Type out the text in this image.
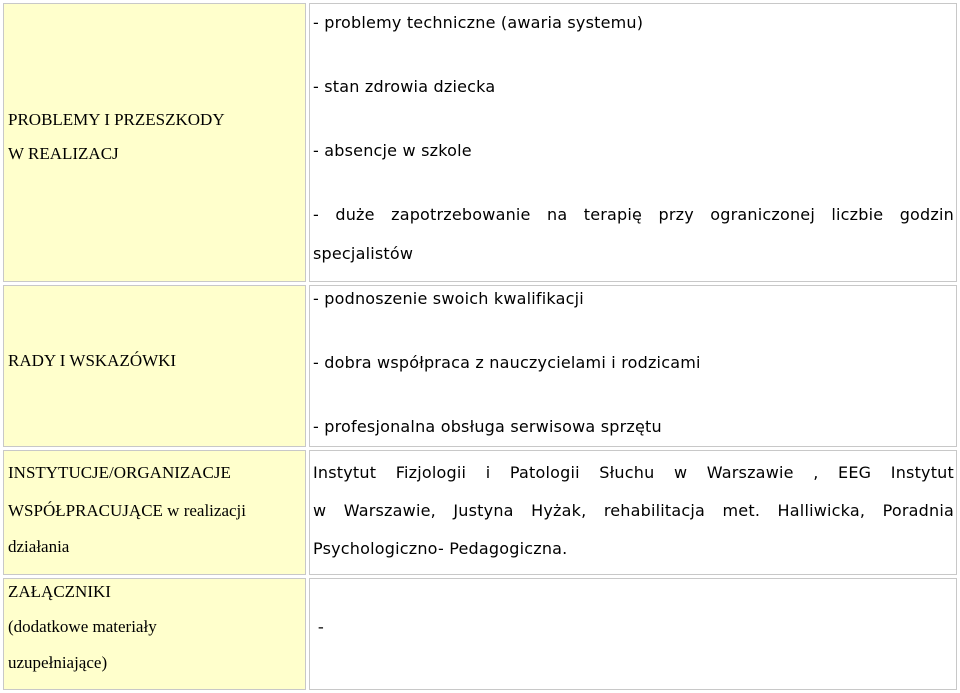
PROBLEMY I PRZESZKODY
W REALIZACJ
- problemy techniczne (awaria systemu)
- stan zdrowia dziecka
- absencje w szkole
- duże zapotrzebowanie na terapię przy ograniczonej liczbie godzin
specjalistów
RADY I WSKAZÓWKI
- podnoszenie swoich kwalifikacji
- dobra współpraca z nauczycielami i rodzicami
- profesjonalna obsługa serwisowa sprzętu
INSTYTUCJE/ORGANIZACJE
WSPÓŁPRACUJĄCE w realizacji
działania
Instytut Fizjologii i Patologii Słuchu w Warszawie , EEG Instytut
w Warszawie, Justyna Hyżak, rehabilitacja met. Halliwicka, Poradnia
Psychologiczno- Pedagogiczna.
ZAŁĄCZNIKI
(dodatkowe materiały
uzupełniające)
-
